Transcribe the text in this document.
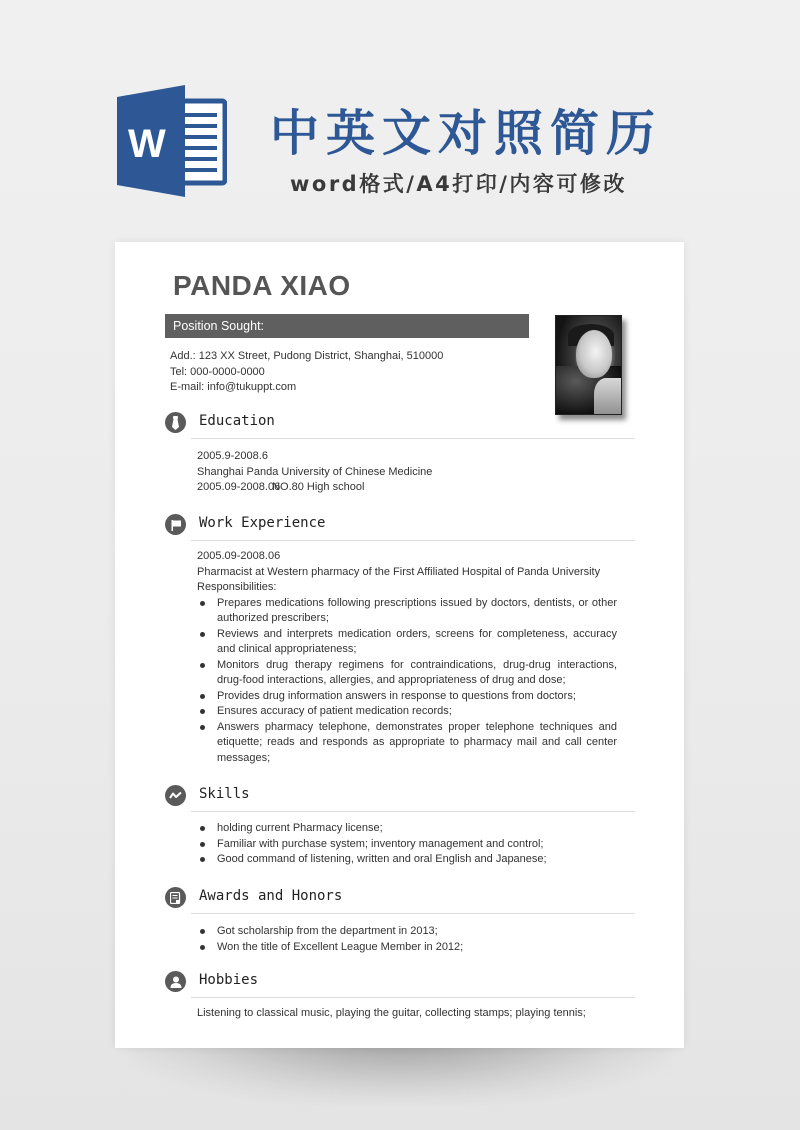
W 中英文对照简历
word格式/A4打印/内容可修改
PANDA XIAO
Position Sought:
Add.: 123 XX Street, Pudong District, Shanghai, 510000
Tel: 000-0000-0000
E-mail: info@tukuppt.com
Education
2005.9-2008.6
Shanghai Panda University of Chinese Medicine
2005.09-2008.06 NO.80 High school
Work Experience
2005.09-2008.06
Pharmacist at Western pharmacy of the First Affiliated Hospital of Panda University
Responsibilities:
Prepares medications following prescriptions issued by doctors, dentists, or other authorized prescribers;
Reviews and interprets medication orders, screens for completeness, accuracy and clinical appropriateness;
Monitors drug therapy regimens for contraindications, drug-drug interactions, drug-food interactions, allergies, and appropriateness of drug and dose;
Provides drug information answers in response to questions from doctors;
Ensures accuracy of patient medication records;
Answers pharmacy telephone, demonstrates proper telephone techniques and etiquette; reads and responds as appropriate to pharmacy mail and call center messages;
Skills
holding current Pharmacy license;
Familiar with purchase system; inventory management and control;
Good command of listening, written and oral English and Japanese;
Awards and Honors
Got scholarship from the department in 2013;
Won the title of Excellent League Member in 2012;
Hobbies
Listening to classical music, playing the guitar, collecting stamps; playing tennis;
